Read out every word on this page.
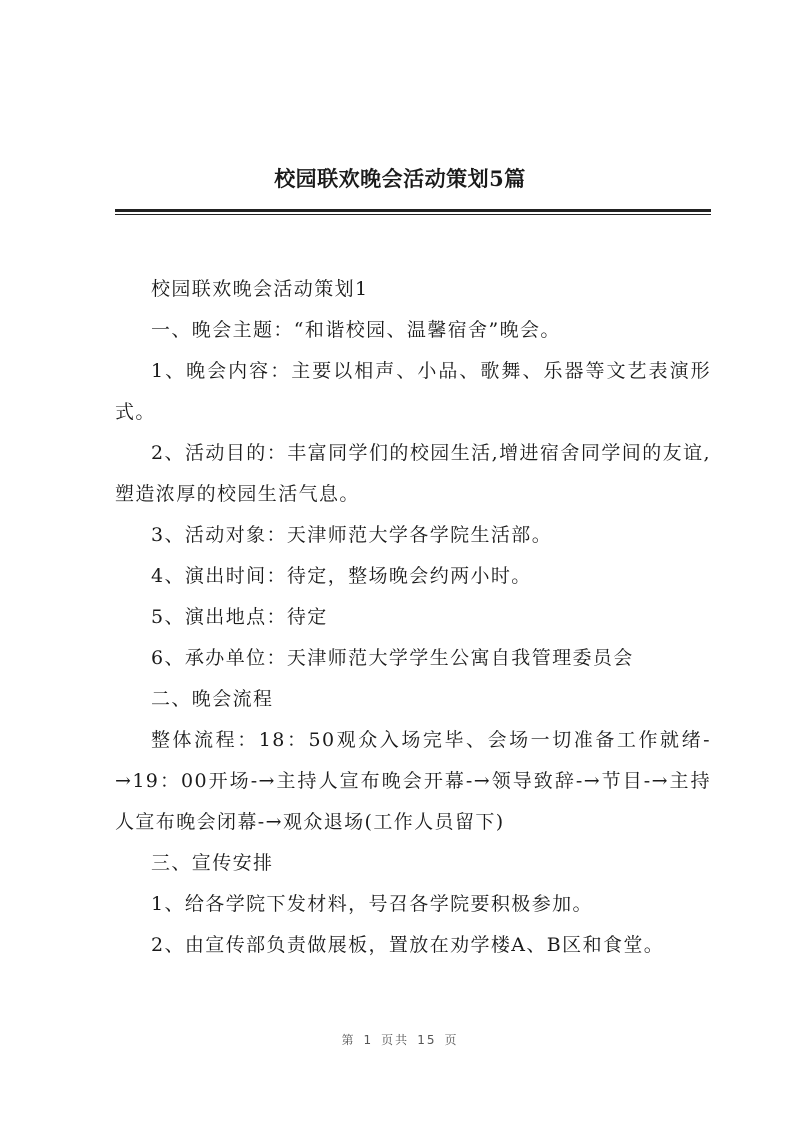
校园联欢晚会活动策划5篇

校园联欢晚会活动策划1

一、晚会主题：“和谐校园、温馨宿舍”晚会。

1、晚会内容：主要以相声、小品、歌舞、乐器等文艺表演形式。

2、活动目的：丰富同学们的校园生活,增进宿舍同学间的友谊,塑造浓厚的校园生活气息。

3、活动对象：天津师范大学各学院生活部。

4、演出时间：待定，整场晚会约两小时。

5、演出地点：待定

6、承办单位：天津师范大学学生公寓自我管理委员会

二、晚会流程

整体流程：18：50观众入场完毕、会场一切准备工作就绪-→19：00开场-→主持人宣布晚会开幕-→领导致辞-→节目-→主持人宣布晚会闭幕-→观众退场(工作人员留下)

三、宣传安排

1、给各学院下发材料，号召各学院要积极参加。

2、由宣传部负责做展板，置放在劝学楼A、B区和食堂。

第 1 页共 15 页
